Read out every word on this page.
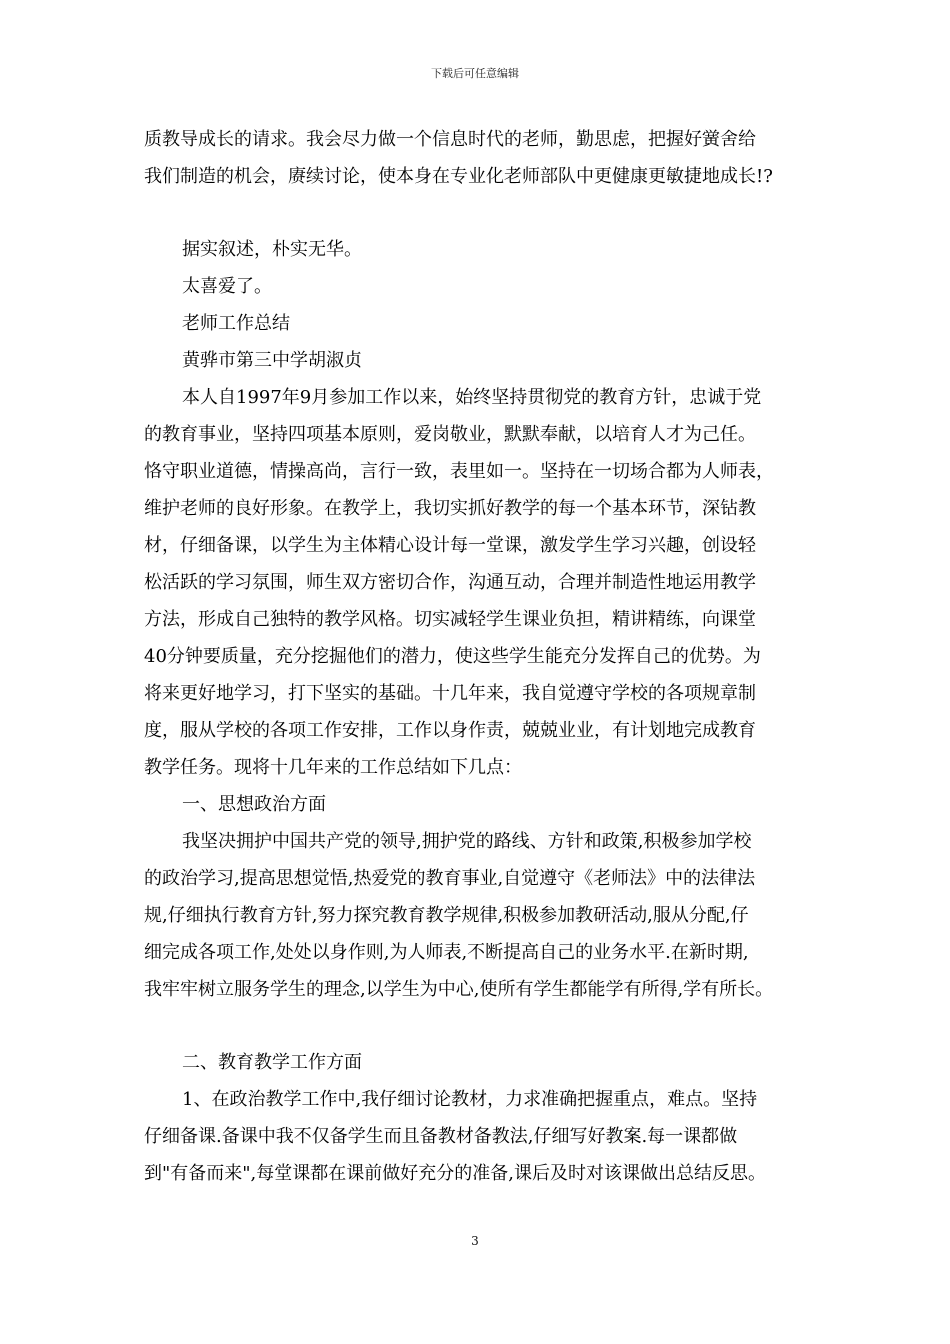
下载后可任意编辑
质教导成长的请求。我会尽力做一个信息时代的老师，勤思虑，把握好黉舍给
我们制造的机会，赓续讨论，使本身在专业化老师部队中更健康更敏捷地成长!?
据实叙述，朴实无华。
太喜爱了。
老师工作总结
黄骅市第三中学胡淑贞
本人自1997年9月参加工作以来，始终坚持贯彻党的教育方针，忠诚于党
的教育事业，坚持四项基本原则，爱岗敬业，默默奉献，以培育人才为己任。
恪守职业道德，情操高尚，言行一致，表里如一。坚持在一切场合都为人师表，
维护老师的良好形象。在教学上，我切实抓好教学的每一个基本环节，深钻教
材，仔细备课，以学生为主体精心设计每一堂课，激发学生学习兴趣，创设轻
松活跃的学习氛围，师生双方密切合作，沟通互动，合理并制造性地运用教学
方法，形成自己独特的教学风格。切实减轻学生课业负担，精讲精练，向课堂
40分钟要质量，充分挖掘他们的潜力，使这些学生能充分发挥自己的优势。为
将来更好地学习，打下坚实的基础。十几年来，我自觉遵守学校的各项规章制
度，服从学校的各项工作安排，工作以身作责，兢兢业业，有计划地完成教育
教学任务。现将十几年来的工作总结如下几点：
一、思想政治方面
我坚决拥护中国共产党的领导,拥护党的路线、方针和政策,积极参加学校
的政治学习,提高思想觉悟,热爱党的教育事业,自觉遵守《老师法》中的法律法
规,仔细执行教育方针,努力探究教育教学规律,积极参加教研活动,服从分配,仔
细完成各项工作,处处以身作则,为人师表,不断提高自己的业务水平.在新时期,
我牢牢树立服务学生的理念,以学生为中心,使所有学生都能学有所得,学有所长。
二、教育教学工作方面
1、在政治教学工作中,我仔细讨论教材，力求准确把握重点，难点。坚持
仔细备课.备课中我不仅备学生而且备教材备教法,仔细写好教案.每一课都做
到"有备而来",每堂课都在课前做好充分的准备,课后及时对该课做出总结反思。
3
